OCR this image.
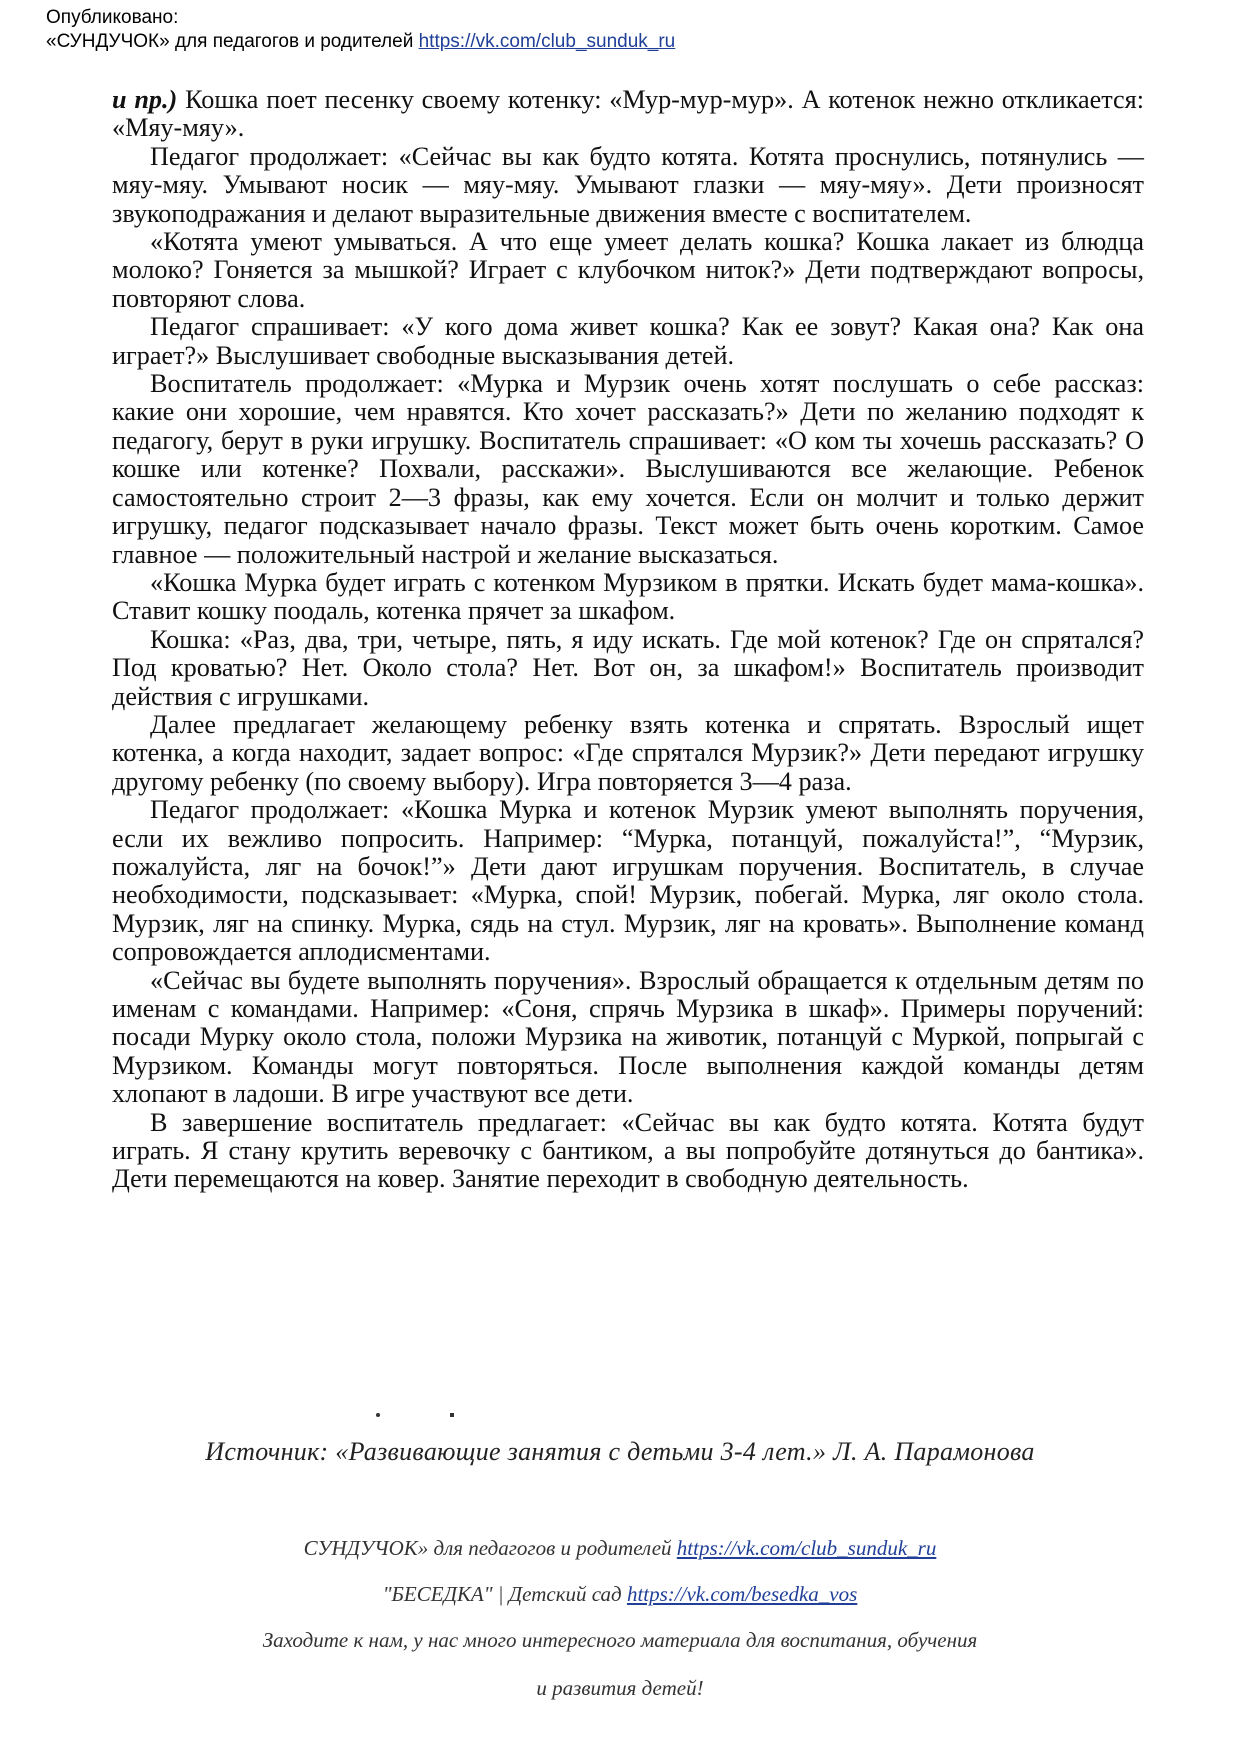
Опубликовано:
«СУНДУЧОК» для педагогов и родителей https://vk.com/club_sunduk_ru

и пр.) Кошка поет песенку своему котенку: «Мур-мур-мур». А котенок нежно откликается: «Мяу-мяу».

Педагог продолжает: «Сейчас вы как будто котята. Котята проснулись, потянулись — мяу-мяу. Умывают носик — мяу-мяу. Умывают глазки — мяу-мяу». Дети произносят звукоподражания и делают выразительные движения вместе с воспитателем.

«Котята умеют умываться. А что еще умеет делать кошка? Кошка лакает из блюдца молоко? Гоняется за мышкой? Играет с клубочком ниток?» Дети подтверждают вопросы, повторяют слова.

Педагог спрашивает: «У кого дома живет кошка? Как ее зовут? Какая она? Как она играет?» Выслушивает свободные высказывания детей.

Воспитатель продолжает: «Мурка и Мурзик очень хотят послушать о себе рассказ: какие они хорошие, чем нравятся. Кто хочет рассказать?» Дети по желанию подходят к педагогу, берут в руки игрушку. Воспитатель спрашивает: «О ком ты хочешь рассказать? О кошке или котенке? Похвали, расскажи». Выслушиваются все желающие. Ребенок самостоятельно строит 2—3 фразы, как ему хочется. Если он молчит и только держит игрушку, педагог подсказывает начало фразы. Текст может быть очень коротким. Самое главное — положительный настрой и желание высказаться.

«Кошка Мурка будет играть с котенком Мурзиком в прятки. Искать будет мама-кошка». Ставит кошку поодаль, котенка прячет за шкафом.

Кошка: «Раз, два, три, четыре, пять, я иду искать. Где мой котенок? Где он спрятался? Под кроватью? Нет. Около стола? Нет. Вот он, за шкафом!» Воспитатель производит действия с игрушками.

Далее предлагает желающему ребенку взять котенка и спрятать. Взрослый ищет котенка, а когда находит, задает вопрос: «Где спрятался Мурзик?» Дети передают игрушку другому ребенку (по своему выбору). Игра повторяется 3—4 раза.

Педагог продолжает: «Кошка Мурка и котенок Мурзик умеют выполнять поручения, если их вежливо попросить. Например: “Мурка, потанцуй, пожалуйста!”, “Мурзик, пожалуйста, ляг на бочок!”» Дети дают игрушкам поручения. Воспитатель, в случае необходимости, подсказывает: «Мурка, спой! Мурзик, побегай. Мурка, ляг около стола. Мурзик, ляг на спинку. Мурка, сядь на стул. Мурзик, ляг на кровать». Выполнение команд сопровождается аплодисментами.

«Сейчас вы будете выполнять поручения». Взрослый обращается к отдельным детям по именам с командами. Например: «Соня, спрячь Мурзика в шкаф». Примеры поручений: посади Мурку около стола, положи Мурзика на животик, потанцуй с Муркой, попрыгай с Мурзиком. Команды могут повторяться. После выполнения каждой команды детям хлопают в ладоши. В игре участвуют все дети.

В завершение воспитатель предлагает: «Сейчас вы как будто котята. Котята будут играть. Я стану крутить веревочку с бантиком, а вы попробуйте дотянуться до бантика». Дети перемещаются на ковер. Занятие переходит в свободную деятельность.

Источник: «Развивающие занятия с детьми 3-4 лет.» Л. А. Парамонова
СУНДУЧОК» для педагогов и родителей https://vk.com/club_sunduk_ru
"БЕСЕДКА" | Детский сад https://vk.com/besedka_vos
Заходите к нам, у нас много интересного материала для воспитания, обучения
и развития детей!
